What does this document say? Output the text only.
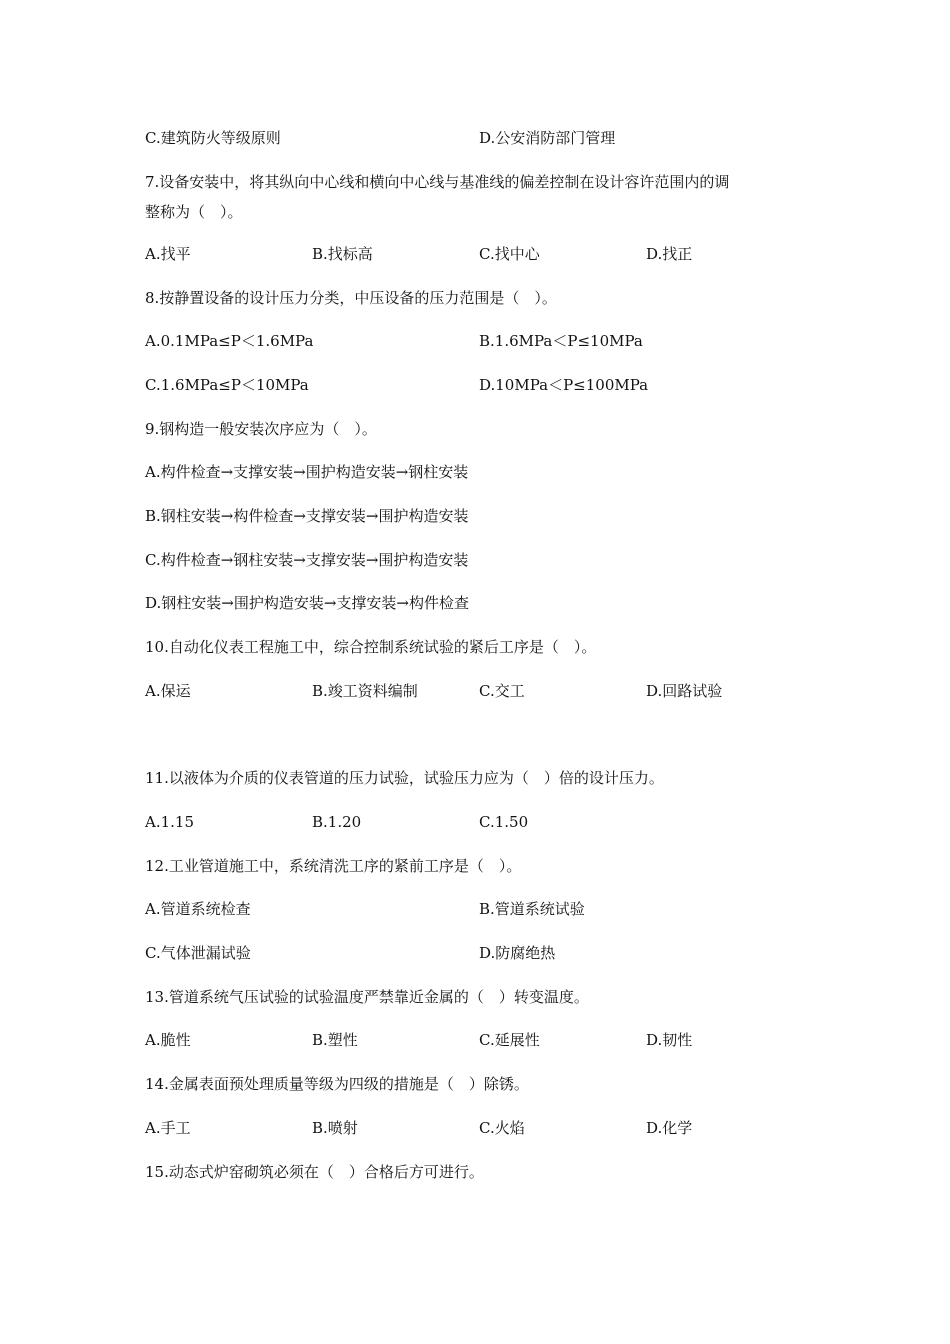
C.建筑防火等级原则	D.公安消防部门管理
7.设备安装中，将其纵向中心线和横向中心线与基准线的偏差控制在设计容许范围内的调
整称为（　）。
A.找平	B.找标高	C.找中心	D.找正
8.按静置设备的设计压力分类，中压设备的压力范围是（　）。
A.0.1MPa≤P＜1.6MPa	B.1.6MPa＜P≤10MPa
C.1.6MPa≤P＜10MPa	D.10MPa＜P≤100MPa
9.钢构造一般安装次序应为（　）。
A.构件检查→支撑安装→围护构造安装→钢柱安装
B.钢柱安装→构件检查→支撑安装→围护构造安装
C.构件检查→钢柱安装→支撑安装→围护构造安装
D.钢柱安装→围护构造安装→支撑安装→构件检查
10.自动化仪表工程施工中，综合控制系统试验的紧后工序是（　）。
A.保运	B.竣工资料编制	C.交工	D.回路试验
11.以液体为介质的仪表管道的压力试验，试验压力应为（　）倍的设计压力。
A.1.15	B.1.20	C.1.50
12.工业管道施工中，系统清洗工序的紧前工序是（　）。
A.管道系统检查	B.管道系统试验
C.气体泄漏试验	D.防腐绝热
13.管道系统气压试验的试验温度严禁靠近金属的（　）转变温度。
A.脆性	B.塑性	C.延展性	D.韧性
14.金属表面预处理质量等级为四级的措施是（　）除锈。
A.手工	B.喷射	C.火焰	D.化学
15.动态式炉窑砌筑必须在（　）合格后方可进行。
